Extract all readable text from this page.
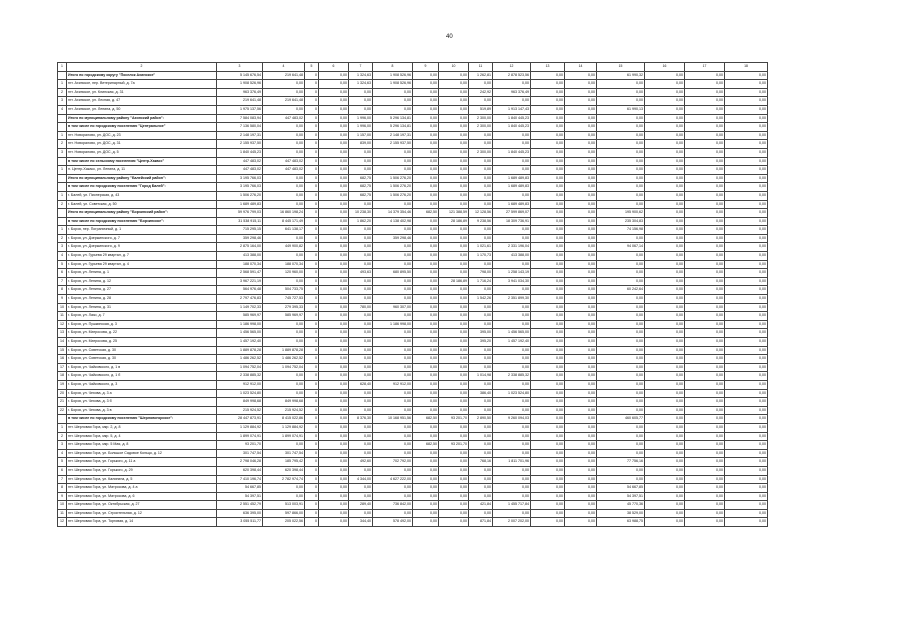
40
1	2	3	4	5	6	7	8	9	10	11	12	13	14	15	16	17	18
	Итого по городскому округу "Поселок Ахинское"	5 145 676,54	219 641,48	0	0,00	1 324,63	1 908 526,96	0,00	0,00	1 262,81	2 878 523,56	0,00	0,00	61 990,32	0,00	0,00	0,00
1	пгт. Ахинское, пер. Ветеринарный, д. 7а	1 908 526,96	0,00	0	0,00	1 324,63	1 908 526,96	0,00	0,00	0,00	0,00	0,00	0,00	0,00	0,00	0,00	0,00
2	пгт. Ахинское, ул. Клинская, д. 31	963 376,49	0,00	0	0,00	0,00	0,00	0,00	0,00	242,92	963 376,49	0,00	0,00	0,00	0,00	0,00	0,00
3	пгт. Ахинское, ул. Лесная, д. 47	219 641,48	219 641,48	0	0,00	0,00	0,00	0,00	0,00	0,00	0,00	0,00	0,00	0,00	0,00	0,00	0,00
4	пгт. Ахинское, ул. Ленина, д. 50	1 975 137,56	0,00	0	0,00	0,00	0,00	0,00	0,00	519,89	1 913 147,43	0,00	0,00	61 990,13	0,00	0,00	0,00
	Итого по муниципальному району "Ахинский район":	7 584 083,94	447 483,02	0	0,00	1 996,00	5 296 134,81	0,00	0,00	2 300,00	1 840 445,23	0,00	0,00	0,00	0,00	0,00	0,00
	в том числе по городскому поселению "Центральное"	7 136 580,04	0,00	0	0,00	1 996,00	5 296 134,81	0,00	0,00	2 300,00	1 840 445,23	0,00	0,00	0,00	0,00	0,00	0,00
1	пгт. Новоралово, ул. ДОС, д. 23	2 148 197,31	0,00	0	0,00	1 157,00	2 148 197,31	0,00	0,00	0,00	0,00	0,00	0,00	0,00	0,00	0,00	0,00
2	пгт. Новоралово, ул. ДОС, д. 31	2 155 937,50	0,00	0	0,00	839,00	2 155 937,50	0,00	0,00	0,00	0,00	0,00	0,00	0,00	0,00	0,00	0,00
3	пгт. Новоралово, ул. ДОС, д. 5	1 840 445,23	0,00	0	0,00	0,00	0,00	0,00	0,00	2 300,00	1 840 445,23	0,00	0,00	0,00	0,00	0,00	0,00
	в том числе по сельскому поселению "Центр-Хакасс"	447 483,02	447 483,02	0	0,00	0,00	0,00	0,00	0,00	0,00	0,00	0,00	0,00	0,00	0,00	0,00	0,00
1	п. Центр-Хакасс, ул. Ленина, д. 11	447 483,02	447 483,02	0	0,00	0,00	0,00	0,00	0,00	0,00	0,00	0,00	0,00	0,00	0,00	0,00	0,00
	Итого по муниципальному району "Балейский район":	3 195 766,03	0,00	0	0,00	682,75	1 506 276,20	0,00	0,00	0,00	1 689 489,83	0,00	0,00	0,00	0,00	0,00	0,00
	в том числе по городскому поселению "Город Балей":	3 195 766,03	0,00	0	0,00	682,75	1 506 276,20	0,00	0,00	0,00	1 689 489,83	0,00	0,00	0,00	0,00	0,00	0,00
1	г. Балей, ул. Пионерская, д. 43	1 506 276,20	0,00	0	0,00	682,75	1 506 276,20	0,00	0,00	0,00	0,00	0,00	0,00	0,00	0,00	0,00	0,00
2	г. Балей, ул. Советская, д. 50	1 689 489,83	0,00	0	0,00	0,00	0,00	0,00	0,00	0,00	1 689 489,83	0,00	0,00	0,00	0,00	0,00	0,00
	Итого по муниципальному району "Борзинский район":	59 976 799,03	16 860 198,24	0	0,00	10 238,30	14 379 354,46	682,50	121 388,59	12 128,56	27 599 869,07	0,00	0,00	195 900,62	0,00	0,00	0,00
	в том числе по городскому поселению "Борзинское":	31 538 915,11	8 445 171,49	0	0,00	1 862,20	4 138 402,98	0,00	28 186,89	9 238,56	18 309 736,91	0,00	0,00	235 304,83	0,00	0,00	0,00
1	г. Борзя, пер. Пограничный, д. 1	715 295,15	641 138,17	0	0,00	0,00	0,00	0,00	0,00	0,00	0,00	0,00	0,00	74 156,98	0,00	0,00	0,00
2	г. Борзя, ул. Дзержинского, д. 7	359 298,46	0,00	0	0,00	0,00	359 298,46	0,00	0,00	0,00	0,00	0,00	0,00	0,00	0,00	0,00	0,00
3	г. Борзя, ул. Дзержинского, д. 9	2 875 164,00	449 900,82	0	0,00	0,00	0,00	0,00	0,00	1 021,61	2 331 196,04	0,00	0,00	94 067,14	0,00	0,00	0,00
4	г. Борзя, ул. Гурьева 29 квартал, д. 7	413 388,00	0,00	0	0,00	0,00	0,00	0,00	0,00	1 170,73	413 388,00	0,00	0,00	0,00	0,00	0,00	0,00
5	г. Борзя, ул. Гурьева 29 квартал, д. 4	188 070,34	188 070,34	0	0,00	0,00	0,00	0,00	0,00	0,00	0,00	0,00	0,00	0,00	0,00	0,00	0,00
6	г. Борзя, ул. Ленина, д. 1	2 568 591,47	120 960,00	0	0,00	493,63	680 895,50	0,00	0,00	798,00	1 258 143,19	0,00	0,00	0,00	0,00	0,00	0,00
7	г. Борзя, ул. Ленина, д. 12	3 967 221,19	0,00	0	0,00	0,00	0,00	0,00	28 186,89	1 716,24	3 941 034,30	0,00	0,00	0,00	0,00	0,00	0,00
8	г. Борзя, ул. Ленина, д. 27	564 976,48	504 733,75	0	0,00	0,00	0,00	0,00	0,00	0,00	0,00	0,00	0,00	60 242,64	0,00	0,00	0,00
9	г. Борзя, ул. Ленина, д. 28	2 797 476,83	745 727,53	0	0,00	0,00	0,00	0,00	0,00	1 542,26	2 351 899,30	0,00	0,00	0,00	0,00	0,00	0,00
10	г. Борзя, ул. Ленина, д. 31	1 149 702,33	279 395,33	0	0,00	780,00	960 307,00	0,00	0,00	0,00	0,00	0,00	0,00	0,00	0,00	0,00	0,00
11	г. Борзя, ул. Лазо, д. 7	585 969,97	585 969,97	0	0,00	0,00	0,00	0,00	0,00	0,00	0,00	0,00	0,00	0,00	0,00	0,00	0,00
12	г. Борзя, ул. Пушкинская, д. 3	1 186 998,00	0,00	0	0,00	0,00	1 186 998,00	0,00	0,00	0,00	0,00	0,00	0,00	0,00	0,00	0,00	0,00
13	г. Борзя, ул. Матросова, д. 22	1 456 565,00	0,00	0	0,00	0,00	0,00	0,00	0,00	395,00	1 456 565,00	0,00	0,00	0,00	0,00	0,00	0,00
14	г. Борзя, ул. Матросова, д. 25	1 457 192,40	0,00	0	0,00	0,00	0,00	0,00	0,00	395,20	1 457 192,40	0,00	0,00	0,00	0,00	0,00	0,00
15	г. Борзя, ул. Советская, д. 30	1 889 878,28	1 889 878,28	0	0,00	0,00	0,00	0,00	0,00	0,00	0,00	0,00	0,00	0,00	0,00	0,00	0,00
16	г. Борзя, ул. Советская, д. 30	1 486 262,52	1 486 262,52	0	0,00	0,00	0,00	0,00	0,00	0,00	0,00	0,00	0,00	0,00	0,00	0,00	0,00
17	г. Борзя, ул. Чайковского, д. 1 в	1 094 752,04	1 094 752,04	0	0,00	0,00	0,00	0,00	0,00	0,00	0,00	0,00	0,00	0,00	0,00	0,00	0,00
18	г. Борзя, ул. Чайковского, д. 1 б	2 338 885,32	0,00	0	0,00	0,00	0,00	0,00	0,00	1 014,98	2 338 885,32	0,00	0,00	0,00	0,00	0,00	0,00
19	г. Борзя, ул. Чайковского, д. 3	912 912,00	0,00	0	0,00	628,40	912 912,00	0,00	0,00	0,00	0,00	0,00	0,00	0,00	0,00	0,00	0,00
20	г. Борзя, ул. Чехова, д. 3 а	1 023 524,80	0,00	0	0,00	0,00	0,00	0,00	0,00	386,40	1 023 524,80	0,00	0,00	0,00	0,00	0,00	0,00
21	г. Борзя, ул. Чехова, д. 3 б	849 998,68	849 998,68	0	0,00	0,00	0,00	0,00	0,00	0,00	0,00	0,00	0,00	0,00	0,00	0,00	0,00
22	г. Борзя, ул. Чехова, д. 3 в	215 924,52	215 924,52	0	0,00	0,00	0,00	0,00	0,00	0,00	0,00	0,00	0,00	0,00	0,00	0,00	0,00
	в том числе по городскому поселению "Шерловогорское":	28 447 873,91	8 415 022,86	0	0,00	8 376,30	10 168 951,56	682,50	93 201,70	2 890,50	9 260 094,03	0,00	0,00	460 605,77	0,00	0,00	0,00
1	пгт. Шерловая Гора, мкр. 2, д. 8	1 129 884,92	1 129 884,92	0	0,00	0,00	0,00	0,00	0,00	0,00	0,00	0,00	0,00	0,00	0,00	0,00	0,00
2	пгт. Шерловая Гора, мкр. 5, д. 4	1 899 074,91	1 899 074,91	0	0,00	0,00	0,00	0,00	0,00	0,00	0,00	0,00	0,00	0,00	0,00	0,00	0,00
3	пгт. Шерловая Гора, мкр. 5 Мая, д. 8	93 201,70	0,00	0	0,00	0,00	0,00	682,50	93 201,70	0,00	0,00	0,00	0,00	0,00	0,00	0,00	0,00
4	пгт. Шерловая Гора, ул. Большое Садовое Кольцо, д. 12	301 747,54	301 747,54	0	0,00	0,00	0,00	0,00	0,00	0,00	0,00	0,00	0,00	0,00	0,00	0,00	0,00
5	пгт. Шерловая Гора, ул. Горького, д. 11 а	2 798 046,28	185 795,42	0	0,00	492,60	702 792,00	0,00	0,00	768,16	1 811 701,96	0,00	0,00	77 756,16	0,00	0,00	0,00
6	пгт. Шерловая Гора, ул. Горького, д. 29	620 398,44	620 398,44	0	0,00	0,00	0,00	0,00	0,00	0,00	0,00	0,00	0,00	0,00	0,00	0,00	0,00
7	пгт. Шерловая Гора, ул. Калинина, д. 5	7 410 196,74	2 782 974,74	0	0,00	4 344,00	4 627 222,00	0,00	0,00	0,00	0,00	0,00	0,00	0,00	0,00	0,00	0,00
8	пгт. Шерловая Гора, ул. Матросова, д. 4 а	54 667,85	0,00	0	0,00	0,00	0,00	0,00	0,00	0,00	0,00	0,00	0,00	54 667,85	0,00	0,00	0,00
9	пгт. Шерловая Гора, ул. Матросова, д. 6	54 397,51	0,00	0	0,00	0,00	0,00	0,00	0,00	0,00	0,00	0,00	0,00	54 397,51	0,00	0,00	0,00
10	пгт. Шерловая Гора, ул. Октябрьская, д. 27	2 551 452,79	513 003,91	0	0,00	289,40	736 842,00	0,00	0,00	421,84	1 455 717,84	0,00	0,00	45 770,36	0,00	0,00	0,00
11	пгт. Шерловая Гора, ул. Строительная, д. 12	636 395,00	597 866,00	0	0,00	0,00	0,00	0,00	0,00	0,00	0,00	0,00	0,00	38 529,00	0,00	0,00	0,00
12	пгт. Шерловая Гора, ул. Торговая, д. 14	3 055 511,77	205 022,56	0	0,00	344,40	578 492,00	0,00	0,00	871,84	2 007 202,00	0,00	0,00	63 988,75	0,00	0,00	0,00
